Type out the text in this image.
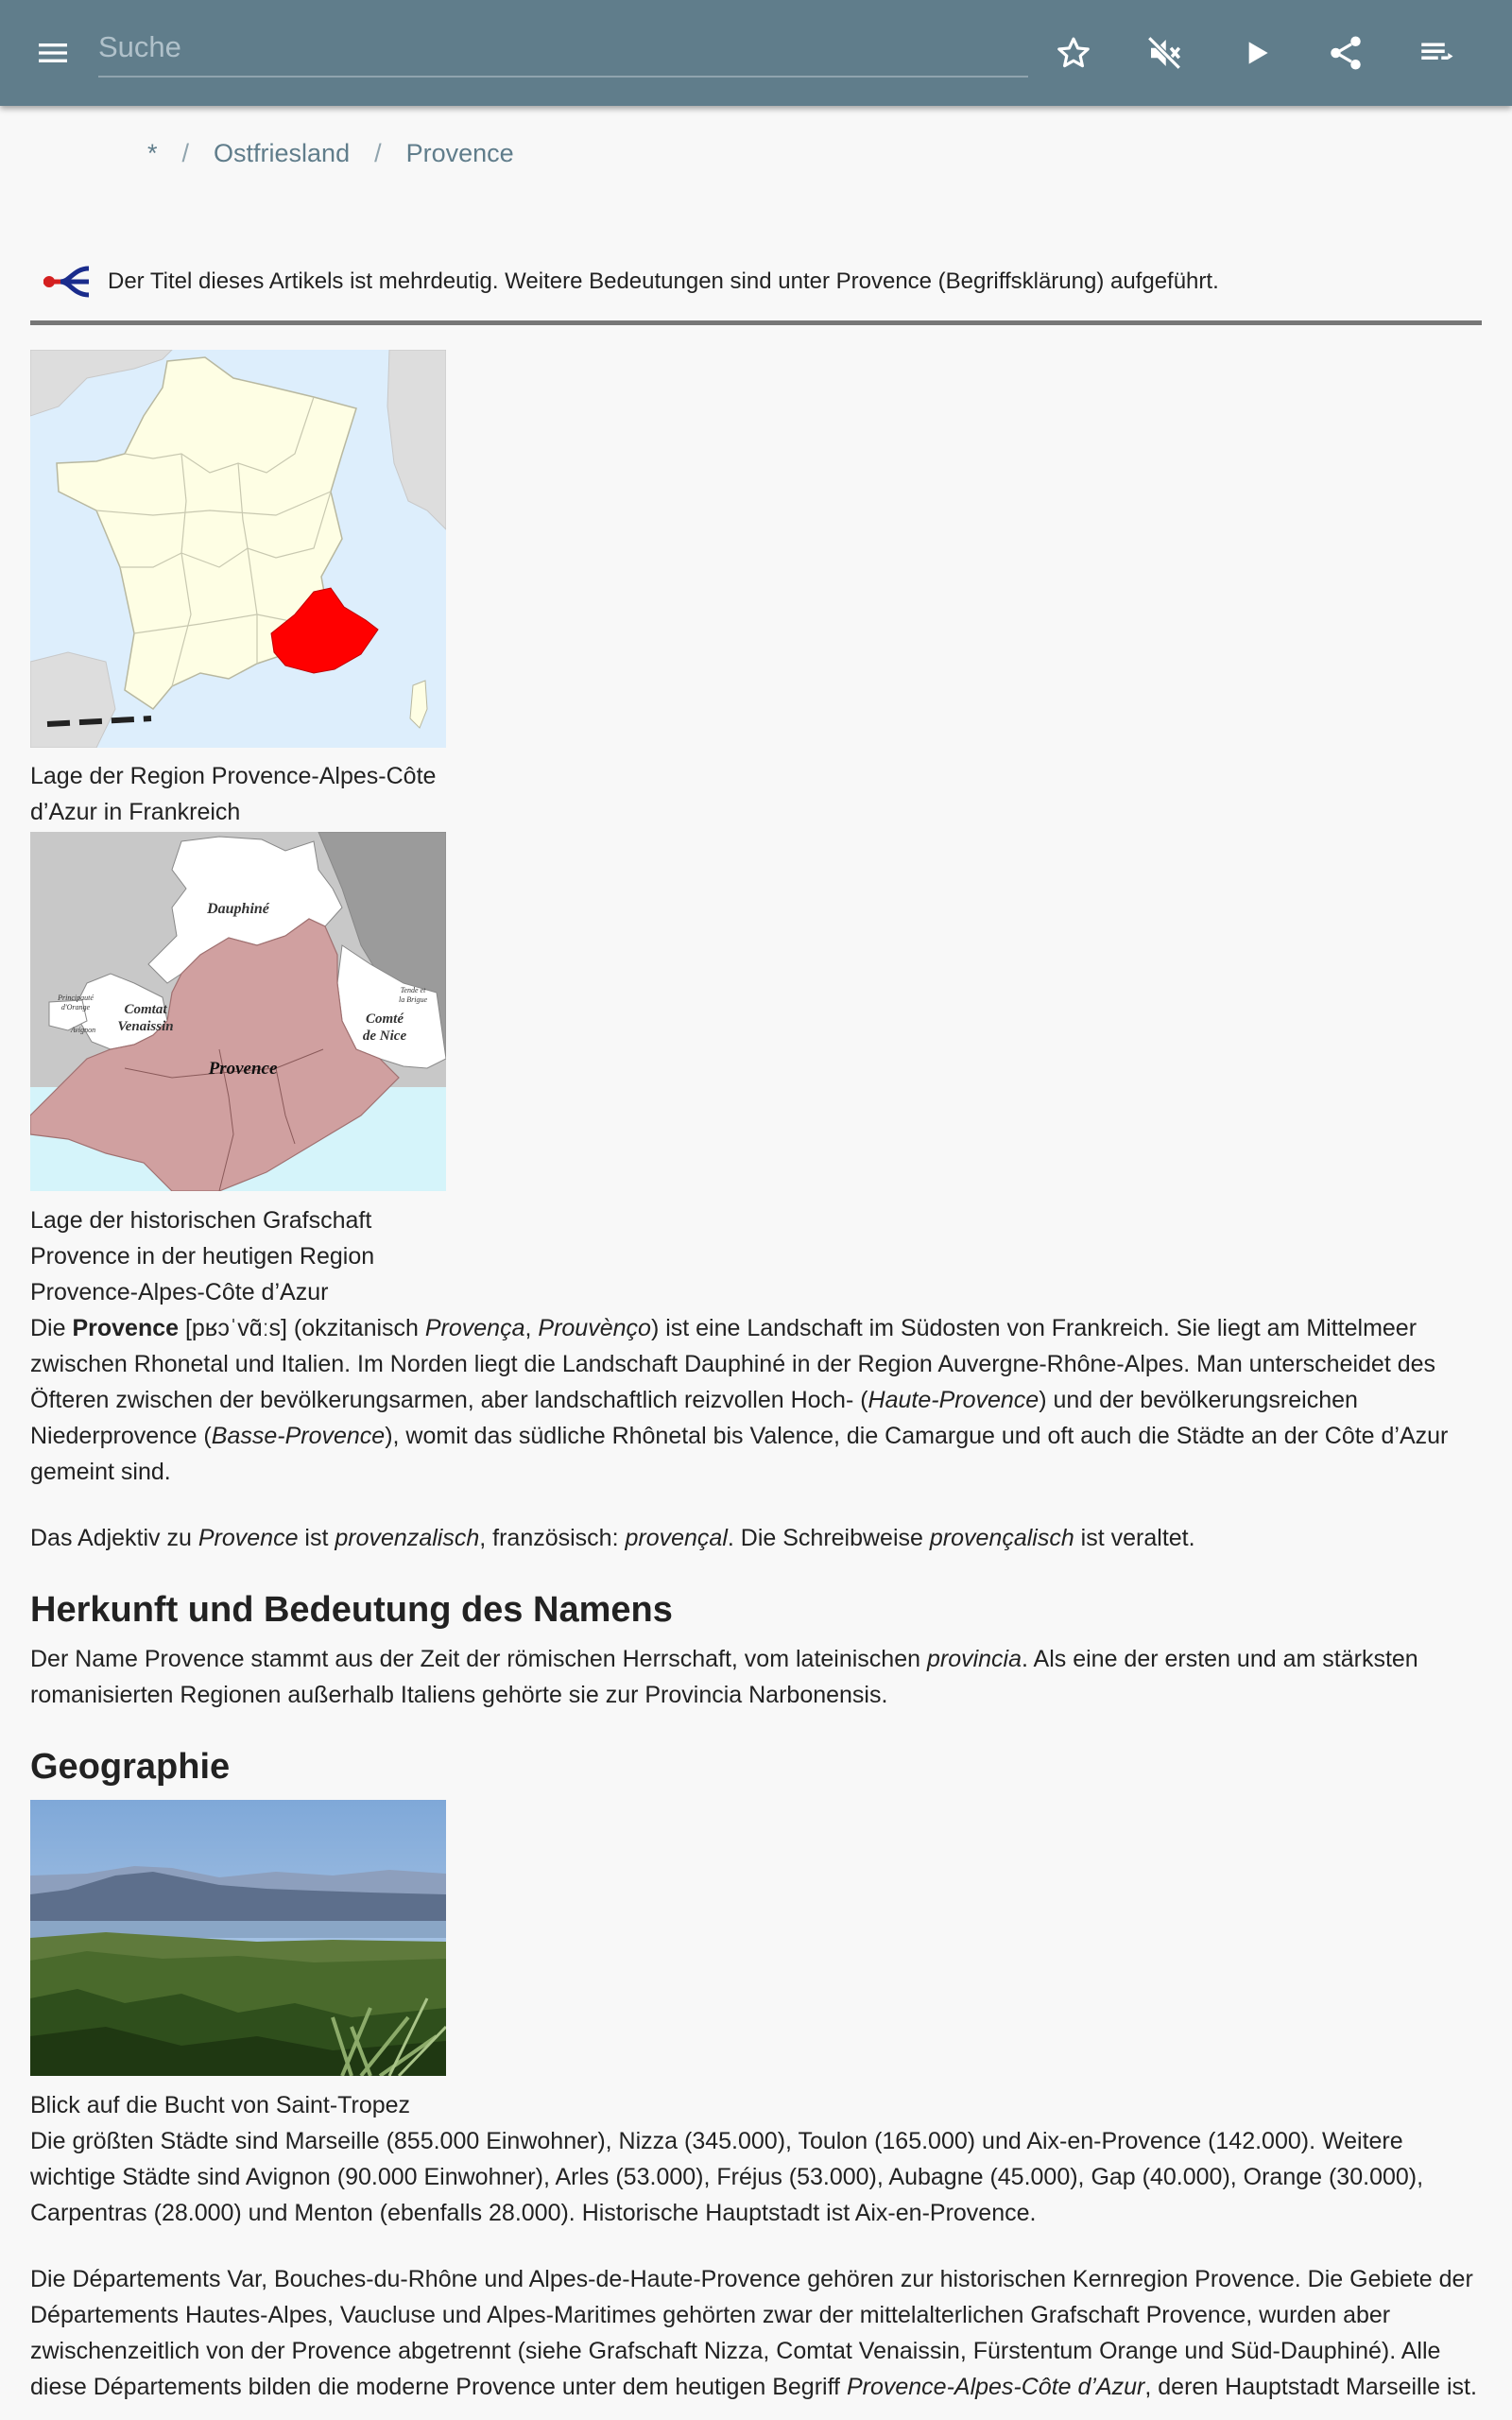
Suche
* / Ostfriesland / Provence
Der Titel dieses Artikels ist mehrdeutig. Weitere Bedeutungen sind unter Provence (Begriffsklärung) aufgeführt.
Lage der Region Provence-Alpes-Côte d’Azur in Frankreich
Dauphiné
Principauté
d'Orange
Avignon
Comtat
Venaissin
Provence
Tende et
la Brigue
Comté
de Nice
Lage der historischen Grafschaft Provence in der heutigen Region Provence-Alpes-Côte d’Azur
Die Provence [pʁɔˈvɑ̃ːs] (okzitanisch Provença, Prouvènço) ist eine Landschaft im Südosten von Frankreich. Sie liegt am Mittelmeer zwischen Rhonetal und Italien. Im Norden liegt die Landschaft Dauphiné in der Region Auvergne-Rhône-Alpes. Man unterscheidet des Öfteren zwischen der bevölkerungsarmen, aber landschaftlich reizvollen Hoch- (Haute-Provence) und der bevölkerungsreichen Niederprovence (Basse-Provence), womit das südliche Rhônetal bis Valence, die Camargue und oft auch die Städte an der Côte d’Azur gemeint sind.
Das Adjektiv zu Provence ist provenzalisch, französisch: provençal. Die Schreibweise provençalisch ist veraltet.
Herkunft und Bedeutung des Namens
Der Name Provence stammt aus der Zeit der römischen Herrschaft, vom lateinischen provincia. Als eine der ersten und am stärksten romanisierten Regionen außerhalb Italiens gehörte sie zur Provincia Narbonensis.
Geographie
Blick auf die Bucht von Saint-Tropez
Die größten Städte sind Marseille (855.000 Einwohner), Nizza (345.000), Toulon (165.000) und Aix-en-Provence (142.000). Weitere wichtige Städte sind Avignon (90.000 Einwohner), Arles (53.000), Fréjus (53.000), Aubagne (45.000), Gap (40.000), Orange (30.000), Carpentras (28.000) und Menton (ebenfalls 28.000). Historische Hauptstadt ist Aix-en-Provence.
Die Départements Var, Bouches-du-Rhône und Alpes-de-Haute-Provence gehören zur historischen Kernregion Provence. Die Gebiete der Départements Hautes-Alpes, Vaucluse und Alpes-Maritimes gehörten zwar der mittelalterlichen Grafschaft Provence, wurden aber zwischenzeitlich von der Provence abgetrennt (siehe Grafschaft Nizza, Comtat Venaissin, Fürstentum Orange und Süd-Dauphiné). Alle diese Départements bilden die moderne Provence unter dem heutigen Begriff Provence-Alpes-Côte d’Azur, deren Hauptstadt Marseille ist.
